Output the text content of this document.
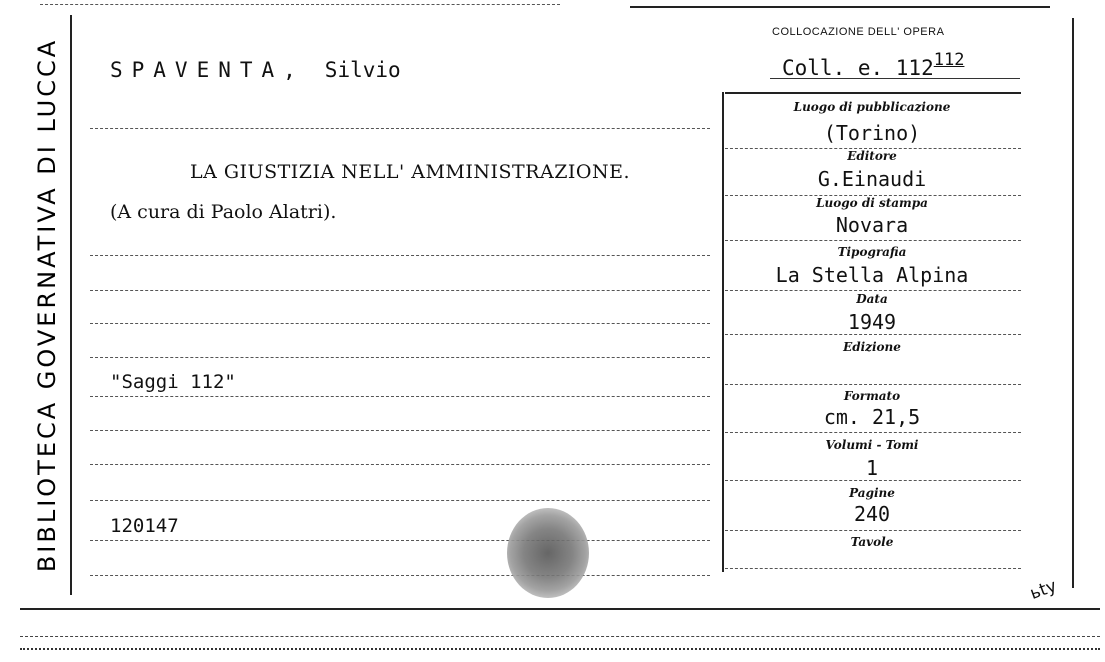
BIBLIOTECA GOVERNATIVA DI LUCCA SPAVENTA, Silvio
LA GIUSTIZIA NELL' AMMINISTRAZIONE.
(A cura di Paolo Alatri).
"Saggi 112"
120147
COLLOCAZIONE DELL' OPERA
Coll. e. $112^{112}$
Luogo di pubblicazione
(Torino)
Editore
G.Einaudi
Luogo di stampa
Novara
Tipografia
La Stella Alpina
Data
1949
Edizione
Formato
cm. 21,5
Volumi - Tomi
1
Pagine
240
Tavole
ьty
